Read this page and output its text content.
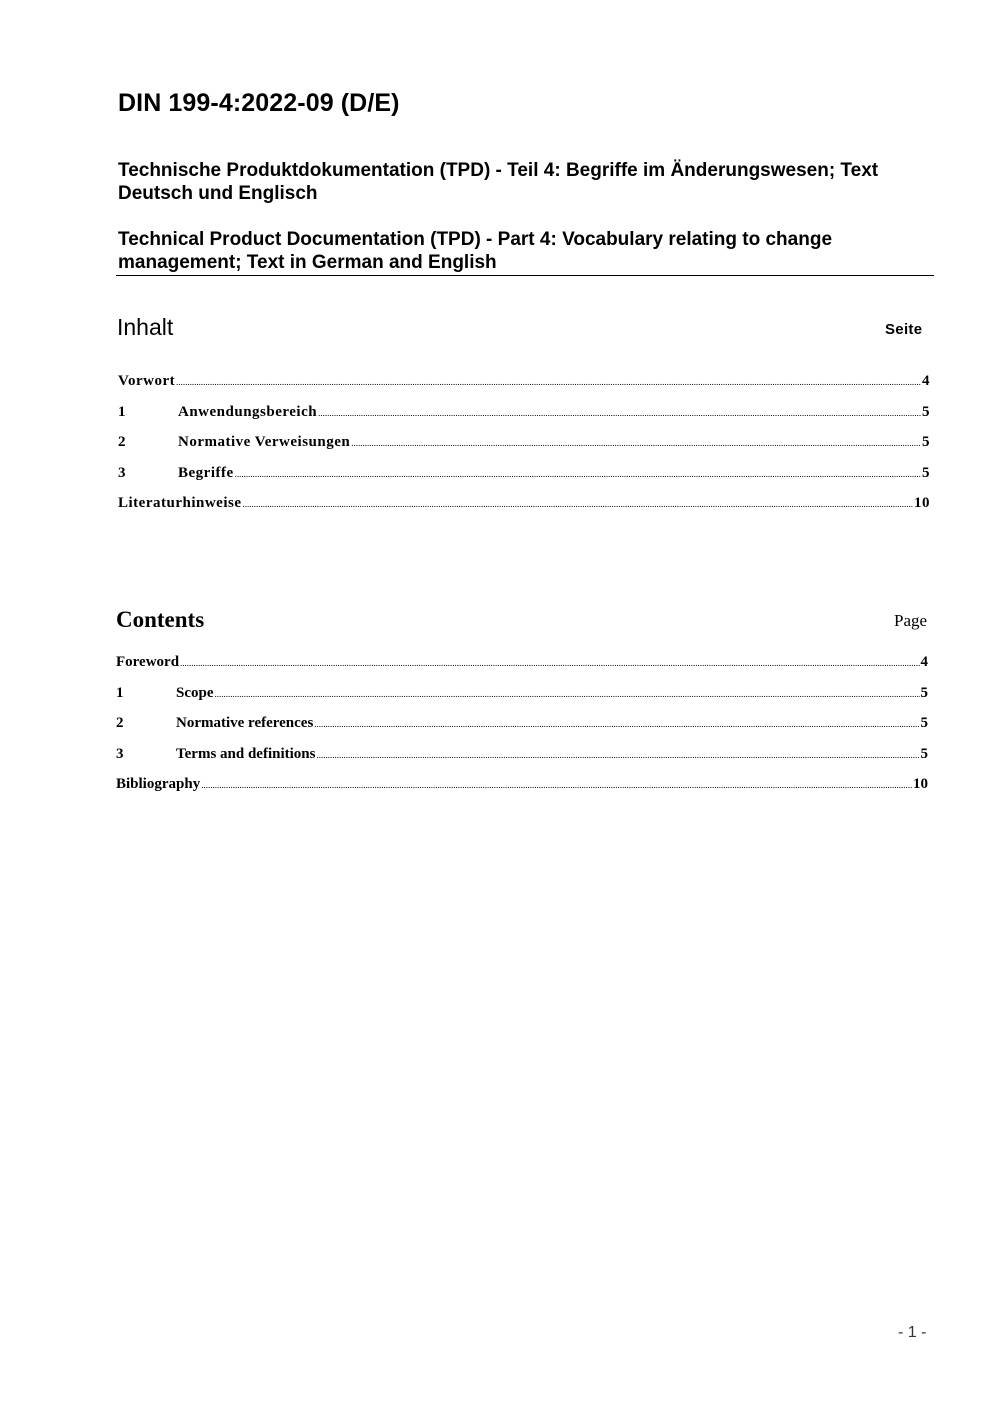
DIN 199-4:2022-09 (D/E)
Technische Produktdokumentation (TPD) - Teil 4: Begriffe im Änderungswesen; Text Deutsch und Englisch
Technical Product Documentation (TPD) - Part 4: Vocabulary relating to change management; Text in German and English
Inhalt	Seite
Vorwort .....	4
1	Anwendungsbereich .....	5
2	Normative Verweisungen .....	5
3	Begriffe .....	5
Literaturhinweise .....	10
Contents	Page
Foreword .....	4
1	Scope .....	5
2	Normative references .....	5
3	Terms and definitions .....	5
Bibliography .....	10
- 1 -
